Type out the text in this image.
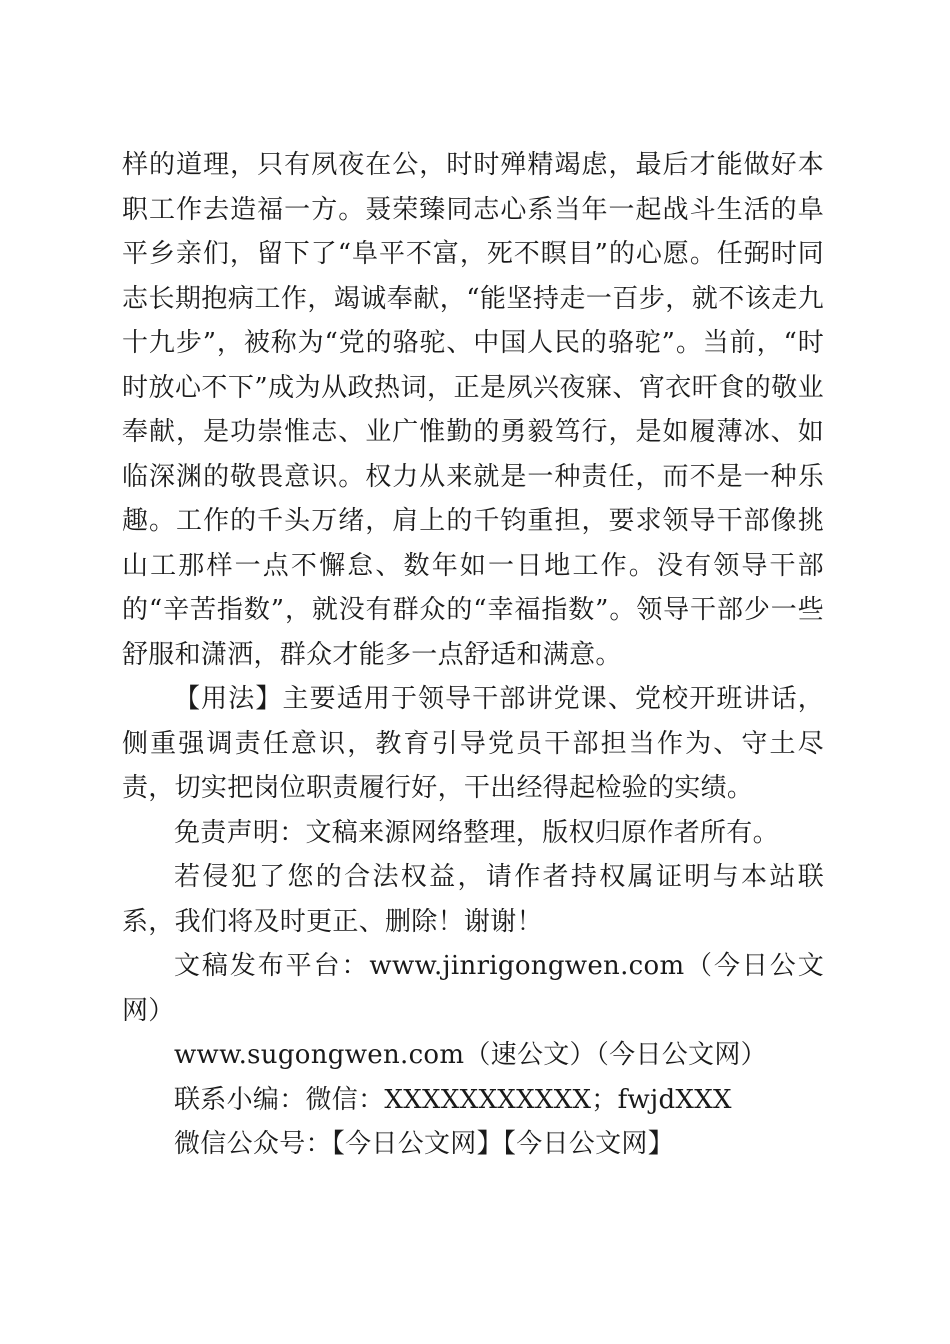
样的道理，只有夙夜在公，时时殚精竭虑，最后才能做好本职工作去造福一方。聂荣臻同志心系当年一起战斗生活的阜平乡亲们，留下了“阜平不富，死不瞑目”的心愿。任弼时同志长期抱病工作，竭诚奉献，“能坚持走一百步，就不该走九十九步”，被称为“党的骆驼、中国人民的骆驼”。当前，“时时放心不下”成为从政热词，正是夙兴夜寐、宵衣旰食的敬业奉献，是功崇惟志、业广惟勤的勇毅笃行，是如履薄冰、如临深渊的敬畏意识。权力从来就是一种责任，而不是一种乐趣。工作的千头万绪，肩上的千钧重担，要求领导干部像挑山工那样一点不懈怠、数年如一日地工作。没有领导干部的“辛苦指数”，就没有群众的“幸福指数”。领导干部少一些舒服和潇洒，群众才能多一点舒适和满意。

【用法】主要适用于领导干部讲党课、党校开班讲话，侧重强调责任意识，教育引导党员干部担当作为、守土尽责，切实把岗位职责履行好，干出经得起检验的实绩。

免责声明：文稿来源网络整理，版权归原作者所有。

若侵犯了您的合法权益，请作者持权属证明与本站联系，我们将及时更正、删除！谢谢！

文稿发布平台：www.jinrigongwen.com（今日公文网）

www.sugongwen.com（速公文）（今日公文网）

联系小编：微信：XXXXXXXXXXX；fwjdXXX

微信公众号：【今日公文网】【今日公文网】
